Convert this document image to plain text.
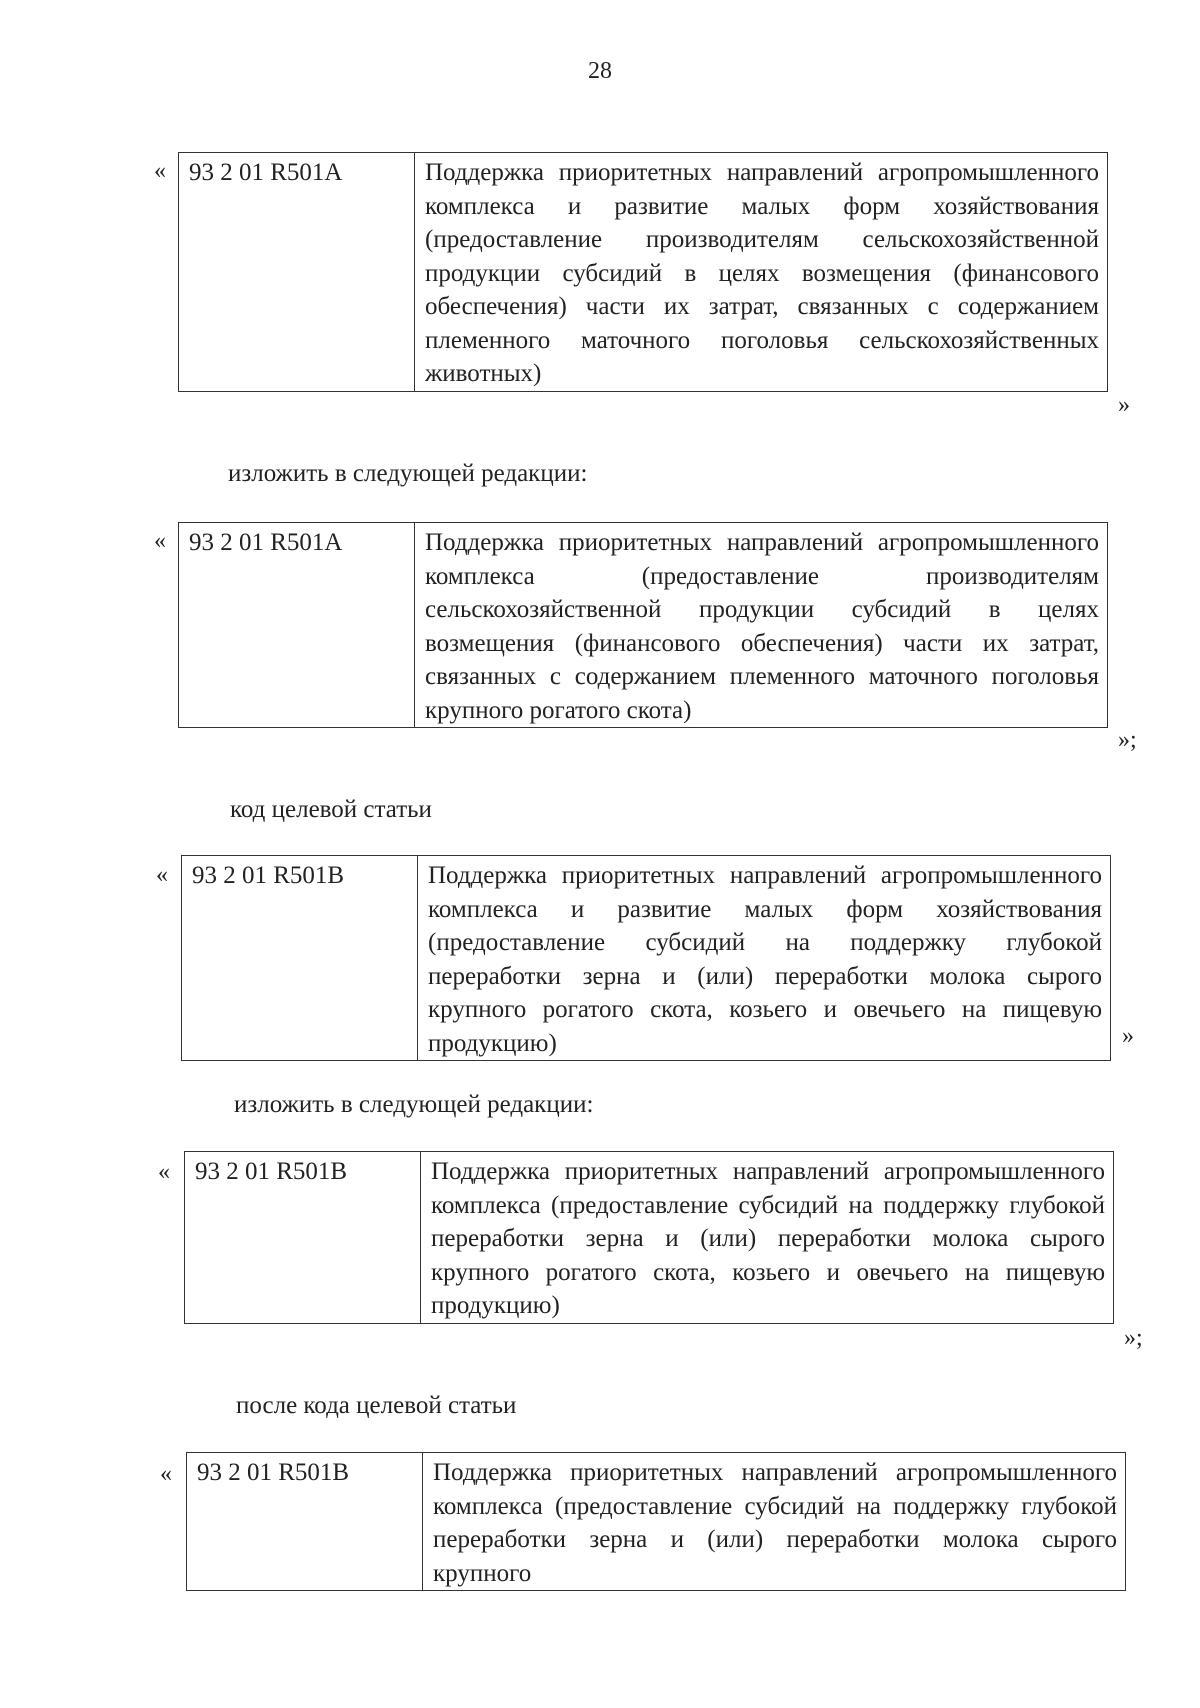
28
« 93 2 01 R501A	Поддержка приоритетных направлений агропромышленного комплекса и развитие малых форм хозяйствования (предоставление производителям сельскохозяйственной продукции субсидий в целях возмещения (финансового обеспечения) части их затрат, связанных с содержанием племенного маточного поголовья сельскохозяйственных животных)
»
изложить в следующей редакции:
« 93 2 01 R501A	Поддержка приоритетных направлений агропромышленного комплекса (предоставление производителям сельскохозяйственной продукции субсидий в целях возмещения (финансового обеспечения) части их затрат, связанных с содержанием племенного маточного поголовья крупного рогатого скота)
»;
код целевой статьи
« 93 2 01 R501B	Поддержка приоритетных направлений агропромышленного комплекса и развитие малых форм хозяйствования (предоставление субсидий на поддержку глубокой переработки зерна и (или) переработки молока сырого крупного рогатого скота, козьего и овечьего на пищевую продукцию)	»
изложить в следующей редакции:
« 93 2 01 R501B	Поддержка приоритетных направлений агропромышленного комплекса (предоставление субсидий на поддержку глубокой переработки зерна и (или) переработки молока сырого крупного рогатого скота, козьего и овечьего на пищевую продукцию)
»;
после кода целевой статьи
« 93 2 01 R501B	Поддержка приоритетных направлений агропромышленного комплекса (предоставление субсидий на поддержку глубокой переработки зерна и (или) переработки молока сырого крупного
